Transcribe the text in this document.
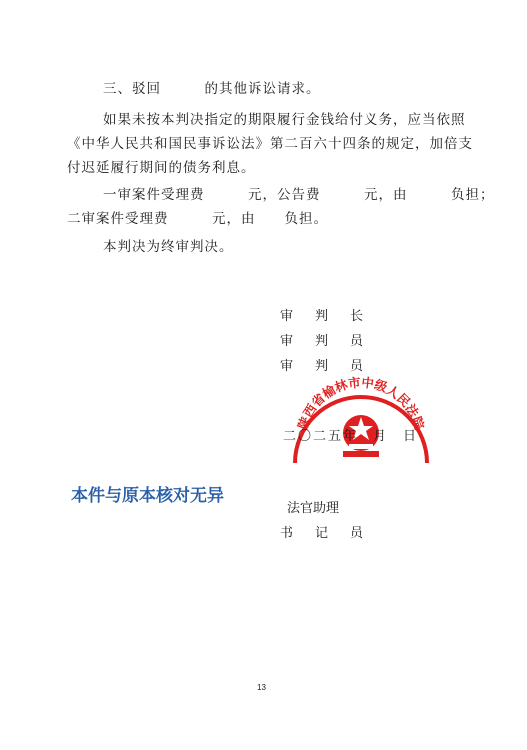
三、驳回　　　的其他诉讼请求。
如果未按本判决指定的期限履行金钱给付义务，应当依照
《中华人民共和国民事诉讼法》第二百六十四条的规定，加倍支
付迟延履行期间的债务利息。
一审案件受理费　　　元，公告费　　　元，由　　　负担；
二审案件受理费　　　元，由　　负担。
本判决为终审判决。
陕西省榆林市中级人民法院
审 判 长
审 判 员
审 判 员
二〇二五年　月　日
本件与原本核对无异
法官助理
书 记 员
13
